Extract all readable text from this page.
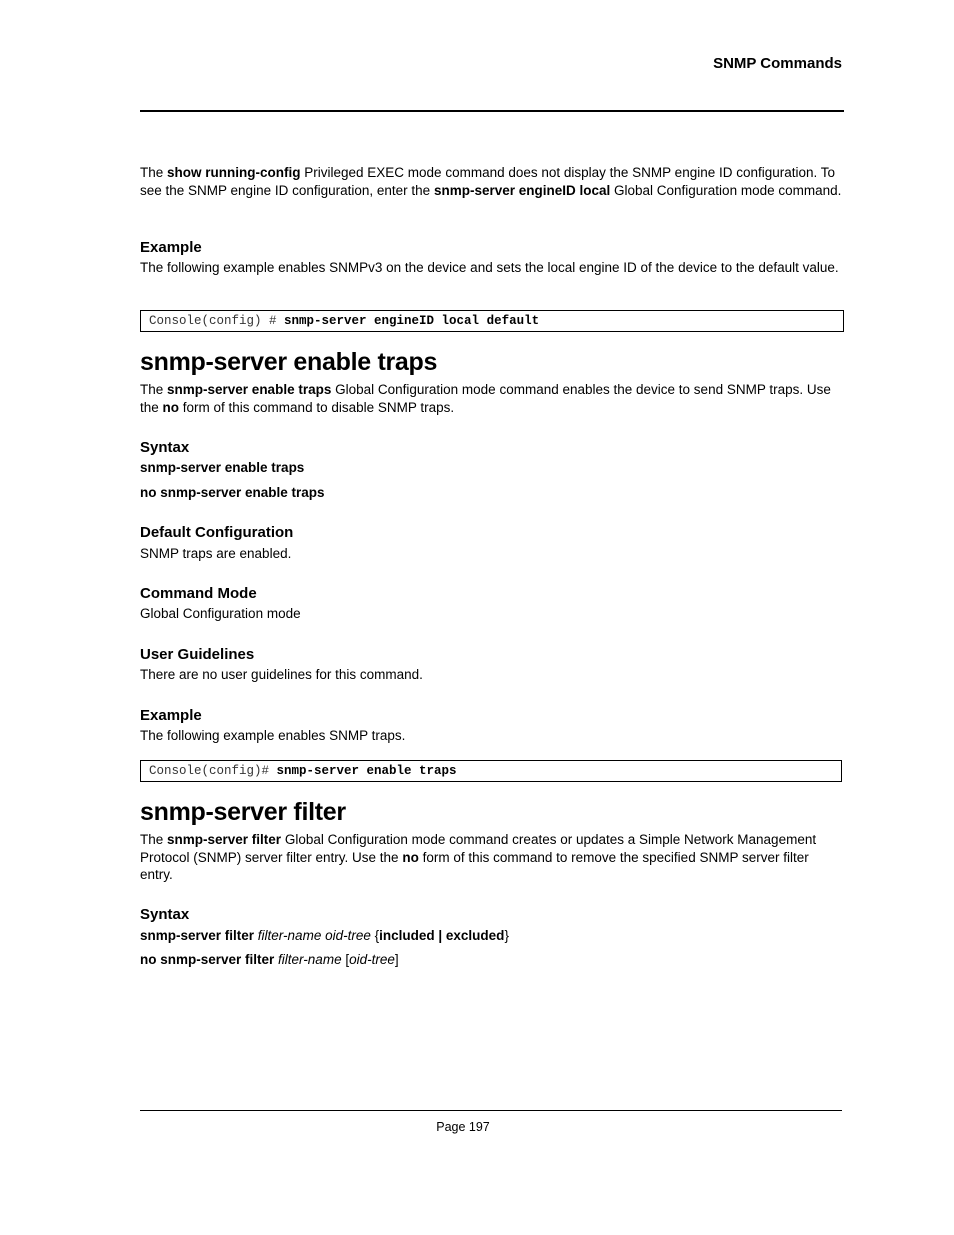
SNMP Commands
The show running-config Privileged EXEC mode command does not display the SNMP engine ID configuration. To see the SNMP engine ID configuration, enter the snmp-server engineID local Global Configuration mode command.
Example
The following example enables SNMPv3 on the device and sets the local engine ID of the device to the default value.
Console(config) # snmp-server engineID local default
snmp-server enable traps
The snmp-server enable traps Global Configuration mode command enables the device to send SNMP traps. Use the no form of this command to disable SNMP traps.
Syntax
snmp-server enable traps
no snmp-server enable traps
Default Configuration
SNMP traps are enabled.
Command Mode
Global Configuration mode
User Guidelines
There are no user guidelines for this command.
Example
The following example enables SNMP traps.
Console(config)# snmp-server enable traps
snmp-server filter
The snmp-server filter Global Configuration mode command creates or updates a Simple Network Management Protocol (SNMP) server filter entry. Use the no form of this command to remove the specified SNMP server filter entry.
Syntax
snmp-server filter filter-name oid-tree {included | excluded}
no snmp-server filter filter-name [oid-tree]
Page 197
